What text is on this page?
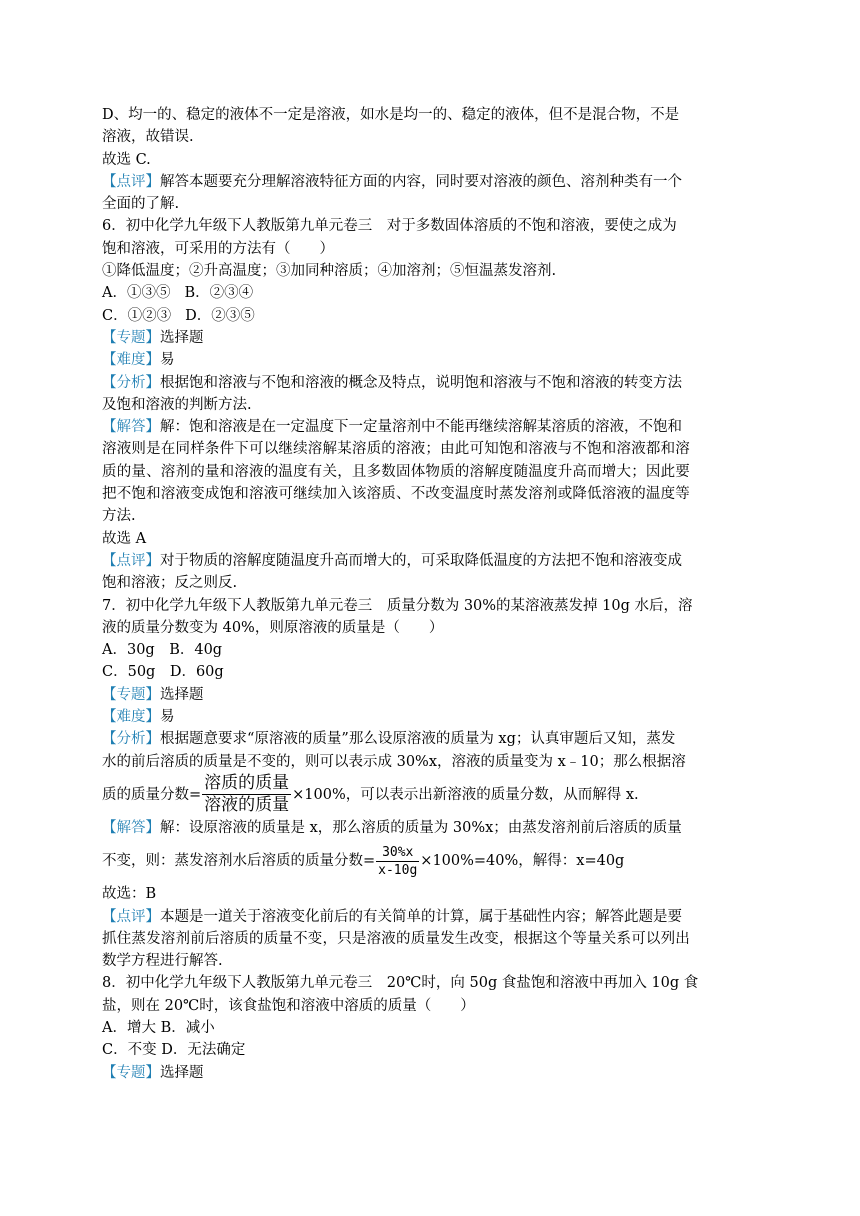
D、均一的、稳定的液体不一定是溶液，如水是均一的、稳定的液体，但不是混合物，不是
溶液，故错误.
故选 C.
【点评】解答本题要充分理解溶液特征方面的内容，同时要对溶液的颜色、溶剂种类有一个
全面的了解.
6．初中化学九年级下人教版第九单元卷三　对于多数固体溶质的不饱和溶液，要使之成为
饱和溶液，可采用的方法有（　　）
①降低温度；②升高温度；③加同种溶质；④加溶剂；⑤恒温蒸发溶剂.
A．①③⑤ B．②③④
C．①②③ D．②③⑤
【专题】选择题
【难度】易
【分析】根据饱和溶液与不饱和溶液的概念及特点，说明饱和溶液与不饱和溶液的转变方法
及饱和溶液的判断方法.
【解答】解：饱和溶液是在一定温度下一定量溶剂中不能再继续溶解某溶质的溶液，不饱和
溶液则是在同样条件下可以继续溶解某溶质的溶液；由此可知饱和溶液与不饱和溶液都和溶
质的量、溶剂的量和溶液的温度有关，且多数固体物质的溶解度随温度升高而增大；因此要
把不饱和溶液变成饱和溶液可继续加入该溶质、不改变温度时蒸发溶剂或降低溶液的温度等
方法.
故选 A
【点评】对于物质的溶解度随温度升高而增大的，可采取降低温度的方法把不饱和溶液变成
饱和溶液；反之则反.
7．初中化学九年级下人教版第九单元卷三　质量分数为 30%的某溶液蒸发掉 10g 水后，溶
液的质量分数变为 40%，则原溶液的质量是（　　）
A．30g　B．40g
C．50g　D．60g
【专题】选择题
【难度】易
【分析】根据题意要求“原溶液的质量”那么设原溶液的质量为 xg；认真审题后又知，蒸发
水的前后溶质的质量是不变的，则可以表示成 30%x，溶液的质量变为 x﹣10；那么根据溶
质的质量分数= $\frac{\text{溶质的质量}}{\text{溶液的质量}} \times 100\%$，可以表示出新溶液的质量分数，从而解得 x.
【解答】解：设原溶液的质量是 x，那么溶质的质量为 30%x；由蒸发溶剂前后溶质的质量
不变，则：蒸发溶剂水后溶质的质量分数= $\frac{30\%x}{x-10g} \times 100\%=40\%$，解得：x=40g
故选：B
【点评】本题是一道关于溶液变化前后的有关简单的计算，属于基础性内容；解答此题是要
抓住蒸发溶剂前后溶质的质量不变，只是溶液的质量发生改变，根据这个等量关系可以列出
数学方程进行解答.
8．初中化学九年级下人教版第九单元卷三　20℃时，向 50g 食盐饱和溶液中再加入 10g 食
盐，则在 20℃时，该食盐饱和溶液中溶质的质量（　　）
A．增大 B．减小
C．不变 D．无法确定
【专题】选择题
